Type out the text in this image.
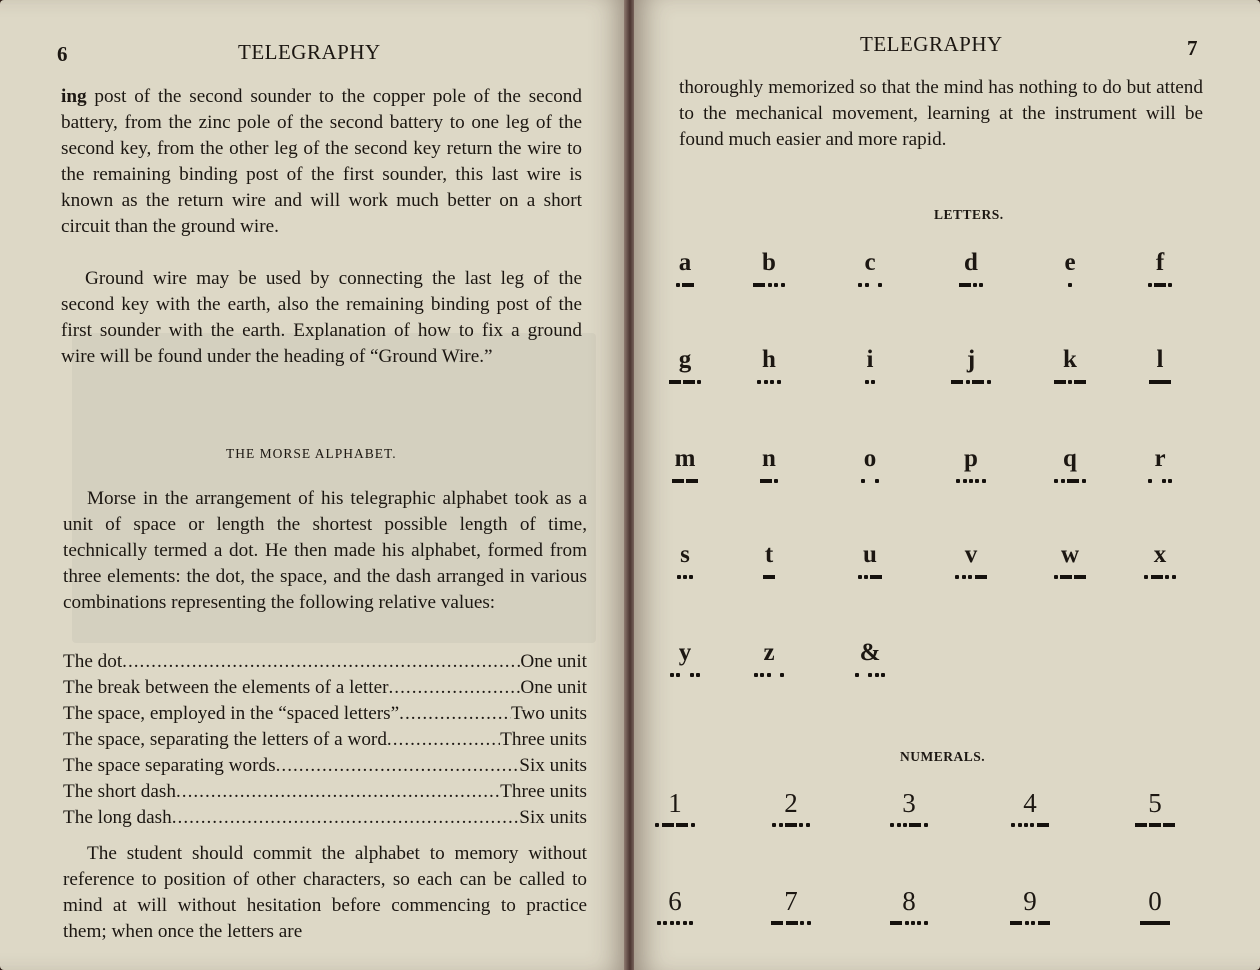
6	TELEGRAPHY

ing post of the second sounder to the copper pole of the second battery, from the zinc pole of the second battery to one leg of the second key, from the other leg of the second key return the wire to the remaining binding post of the first sounder, this last wire is known as the return wire and will work much better on a short circuit than the ground wire.

Ground wire may be used by connecting the last leg of the second key with the earth, also the remaining binding post of the first sounder with the earth. Explanation of how to fix a ground wire will be found under the heading of “Ground Wire.”
THE MORSE ALPHABET.
Morse in the arrangement of his telegraphic alphabet took as a unit of space or length the shortest possible length of time, technically termed a dot. He then made his alphabet, formed from three elements: the dot, the space, and the dash arranged in various combinations representing the following relative values:
The dot .....	One unit
The break between the elements of a letter .....	One unit
The space, employed in the “spaced letters” .....	Two units
The space, separating the letters of a word .....	Three units
The space separating words .....	Six units
The short dash .....	Three units
The long dash .....	Six units
The student should commit the alphabet to memory without reference to position of other characters, so each can be called to mind at will without hesitation before commencing to practice them; when once the letters are
TELEGRAPHY	7
thoroughly memorized so that the mind has nothing to do but attend to the mechanical movement, learning at the instrument will be found much easier and more rapid.
LETTERS.
NUMERALS.
a	b	c	d	e	f
g	h	i	j	k	l
m	n	o	p	q	r
s	t	u	v	w	x
y	z	&
1	2	3	4	5
6	7	8	9	0
